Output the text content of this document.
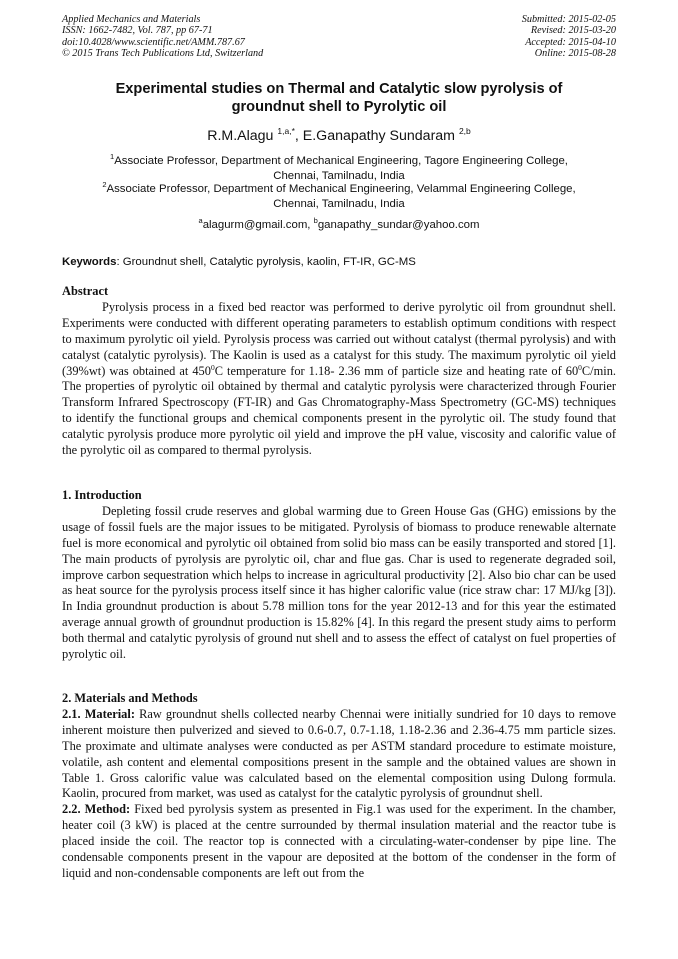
Applied Mechanics and Materials
ISSN: 1662-7482, Vol. 787, pp 67-71
doi:10.4028/www.scientific.net/AMM.787.67
© 2015 Trans Tech Publications Ltd, Switzerland
Submitted: 2015-02-05
Revised: 2015-03-20
Accepted: 2015-04-10
Online: 2015-08-28
Experimental studies on Thermal and Catalytic slow pyrolysis of
groundnut shell to Pyrolytic oil
R.M.Alagu $^{1,a,*}$, E.Ganapathy Sundaram $^{2,b}$
$^1$Associate Professor, Department of Mechanical Engineering, Tagore Engineering College,
Chennai, Tamilnadu, India
$^2$Associate Professor, Department of Mechanical Engineering, Velammal Engineering College,
Chennai, Tamilnadu, India
$^a$alagurm@gmail.com, $^b$ganapathy_sundar@yahoo.com
Keywords: Groundnut shell, Catalytic pyrolysis, kaolin, FT-IR, GC-MS
Abstract

Pyrolysis process in a fixed bed reactor was performed to derive pyrolytic oil from groundnut shell. Experiments were conducted with different operating parameters to establish optimum conditions with respect to maximum pyrolytic oil yield. Pyrolysis process was carried out without catalyst (thermal pyrolysis) and with catalyst (catalytic pyrolysis). The Kaolin is used as a catalyst for this study. The maximum pyrolytic oil yield (39%wt) was obtained at $450^0C$ temperature for 1.18- 2.36 mm of particle size and heating rate of $60^0C/\min$. The properties of pyrolytic oil obtained by thermal and catalytic pyrolysis were characterized through Fourier Transform Infrared Spectroscopy (FT-IR) and Gas Chromatography-Mass Spectrometry (GC-MS) techniques to identify the functional groups and chemical components present in the pyrolytic oil. The study found that catalytic pyrolysis produce more pyrolytic oil yield and improve the pH value, viscosity and calorific value of the pyrolytic oil as compared to thermal pyrolysis.

1. Introduction

Depleting fossil crude reserves and global warming due to Green House Gas (GHG) emissions by the usage of fossil fuels are the major issues to be mitigated. Pyrolysis of biomass to produce renewable alternate fuel is more economical and pyrolytic oil obtained from solid bio mass can be easily transported and stored [1]. The main products of pyrolysis are pyrolytic oil, char and flue gas. Char is used to regenerate degraded soil, improve carbon sequestration which helps to increase in agricultural productivity [2]. Also bio char can be used as heat source for the pyrolysis process itself since it has higher calorific value (rice straw char: 17 MJ/kg [3]). In India groundnut production is about 5.78 million tons for the year 2012-13 and for this year the estimated average annual growth of groundnut production is 15.82% [4]. In this regard the present study aims to perform both thermal and catalytic pyrolysis of ground nut shell and to assess the effect of catalyst on fuel properties of pyrolytic oil.

2. Materials and Methods

2.1. Material: Raw groundnut shells collected nearby Chennai were initially sundried for 10 days to remove inherent moisture then pulverized and sieved to 0.6-0.7, 0.7-1.18, 1.18-2.36 and 2.36-4.75 mm particle sizes. The proximate and ultimate analyses were conducted as per ASTM standard procedure to estimate moisture, volatile, ash content and elemental compositions present in the sample and the obtained values are shown in Table 1. Gross calorific value was calculated based on the elemental composition using Dulong formula. Kaolin, procured from market, was used as catalyst for the catalytic pyrolysis of groundnut shell.

2.2. Method: Fixed bed pyrolysis system as presented in Fig.1 was used for the experiment. In the chamber, heater coil (3 kW) is placed at the centre surrounded by thermal insulation material and the reactor tube is placed inside the coil. The reactor top is connected with a circulating-water-condenser by pipe line. The condensable components present in the vapour are deposited at the bottom of the condenser in the form of liquid and non-condensable components are left out from the
